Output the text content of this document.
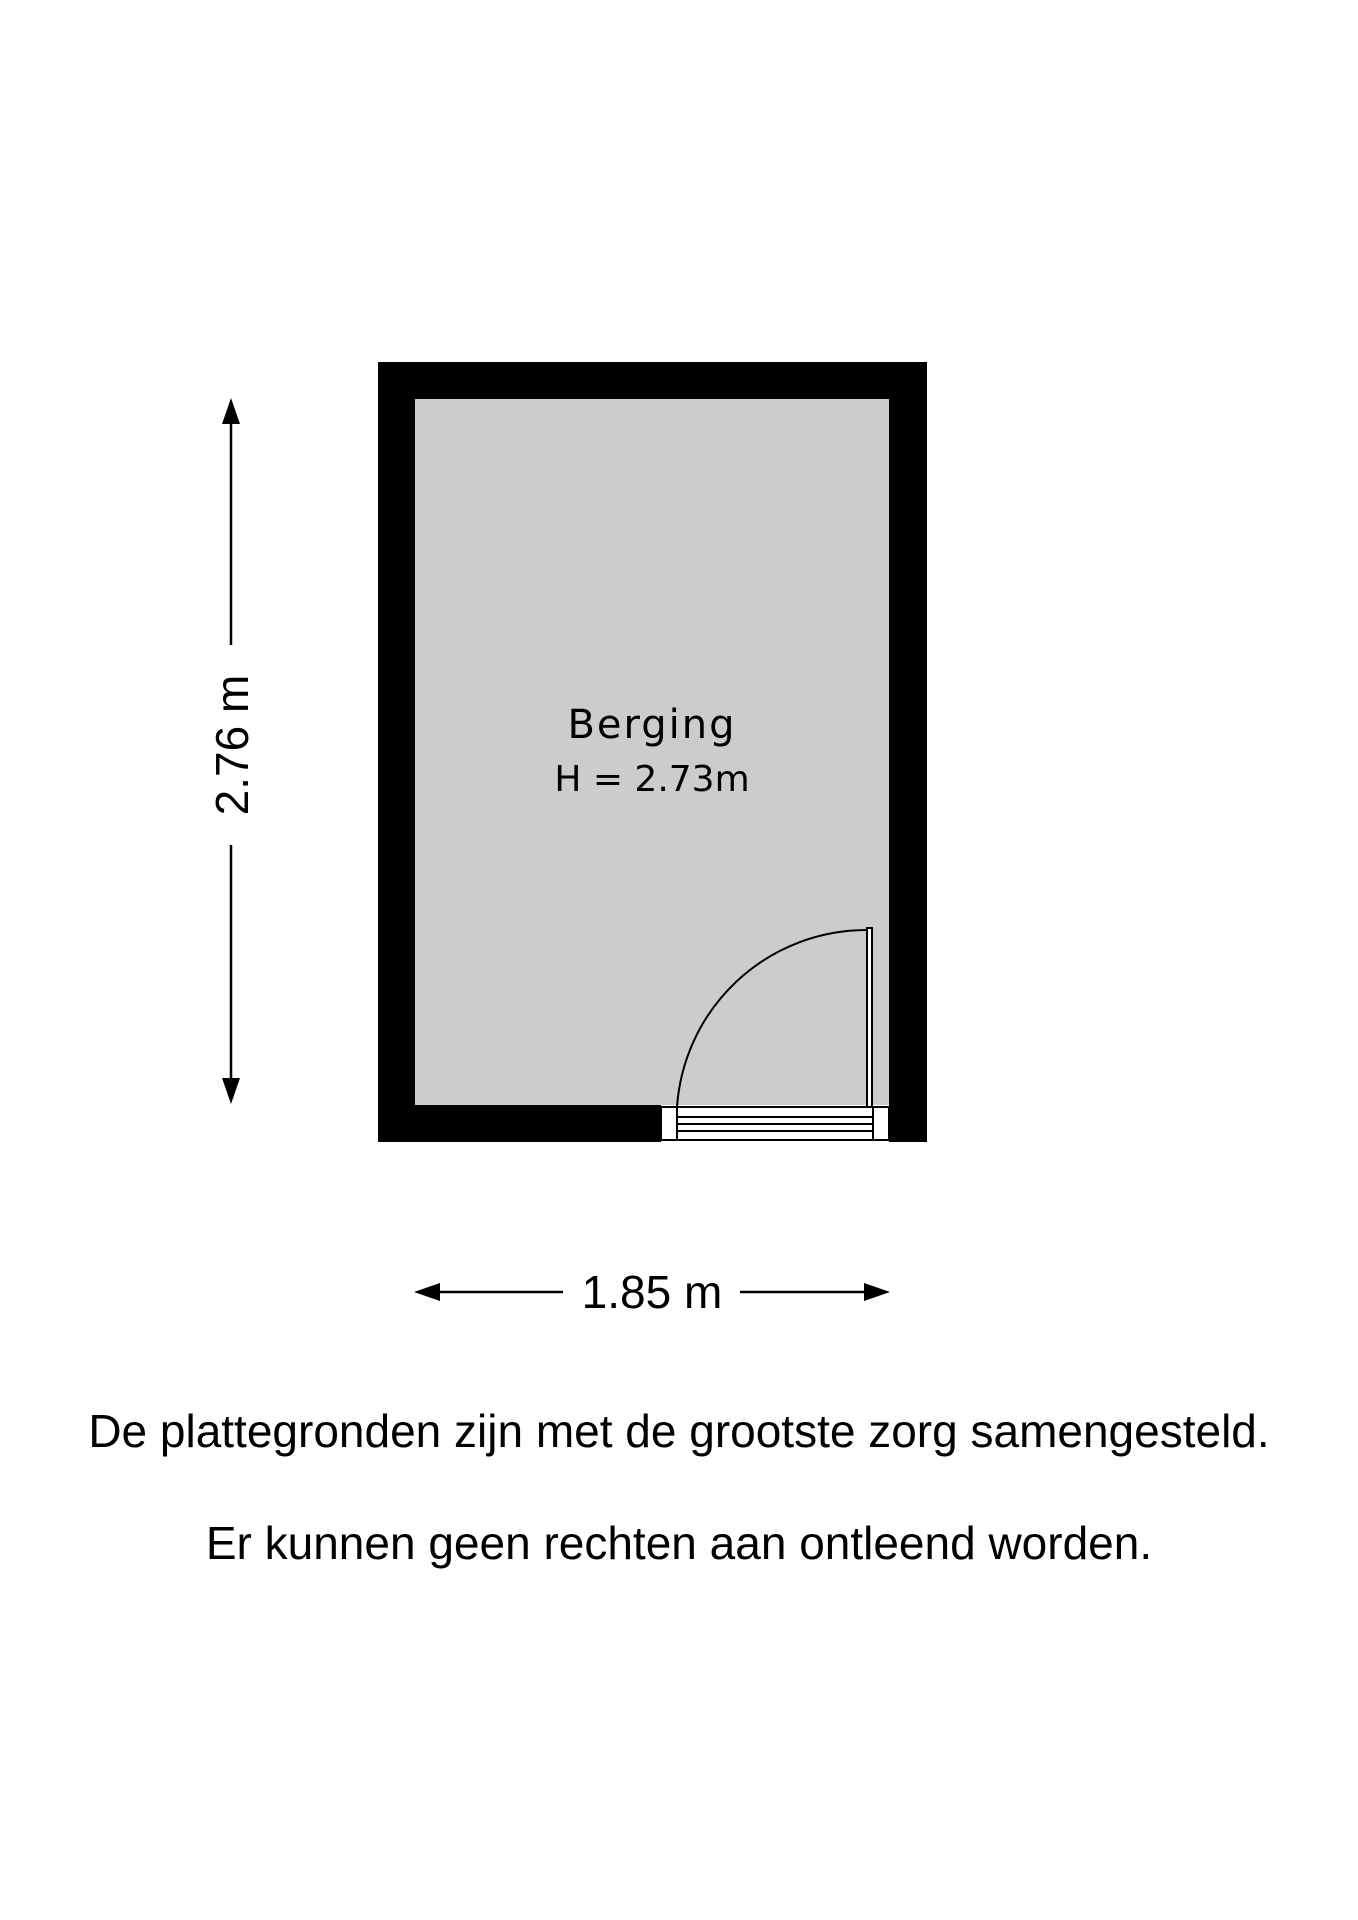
Berging
H = 2.73m
2.76 m
1.85 m
De plattegronden zijn met de grootste zorg samengesteld.
Er kunnen geen rechten aan ontleend worden.
